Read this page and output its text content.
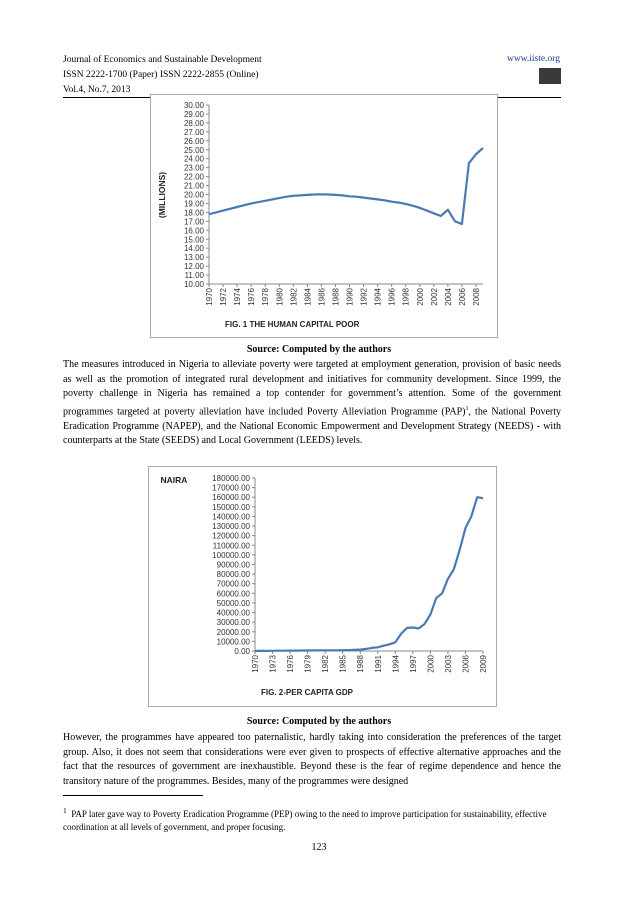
Journal of Economics and Sustainable Development
ISSN 2222-1700 (Paper) ISSN 2222-2855 (Online)
Vol.4, No.7, 2013
www.iiste.org
10.00
11.00
12.00
13.00
14.00
15.00
16.00
17.00
18.00
19.00
20.00
21.00
22.00
23.00
24.00
25.00
26.00
27.00
28.00
29.00
30.00
1970 1972 1974 1976 1978 1980 1982 1984 1986 1988 1990 1992 1994 1996 1998 2000 2002 2004 2006 2008
(MILLIONS)
FIG. 1 THE HUMAN CAPITAL POOR
Source: Computed by the authors

The measures introduced in Nigeria to alleviate poverty were targeted at employment generation, provision of basic needs as well as the promotion of integrated rural development and initiatives for community development. Since 1999, the poverty challenge in Nigeria has remained a top contender for government’s attention. Some of the government programmes targeted at poverty alleviation have included Poverty Alleviation Programme (PAP)$^1$, the National Poverty Eradication Programme (NAPEP), and the National Economic Empowerment and Development Strategy (NEEDS) - with counterparts at the State (SEEDS) and Local Government (LEEDS) levels.

0.00
10000.00
20000.00
30000.00
40000.00
50000.00
60000.00
70000.00
80000.00
90000.00
100000.00
110000.00
120000.00
130000.00
140000.00
150000.00
160000.00
170000.00
180000.00
1970 1973 1976 1979 1982 1985 1988 1991 1994 1997 2000 2003 2006 2009
NAIRA
FIG. 2-PER CAPITA GDP
Source: Computed by the authors

However, the programmes have appeared too paternalistic, hardly taking into consideration the preferences of the target group. Also, it does not seem that considerations were ever given to prospects of effective alternative approaches and the fact that the resources of government are inexhaustible. Beyond these is the fear of regime dependence and hence the transitory nature of the programmes. Besides, many of the programmes were designed

$^1$ PAP later gave way to Poverty Eradication Programme (PEP) owing to the need to improve participation for sustainability, effective coordination at all levels of government, and proper focusing.

123
